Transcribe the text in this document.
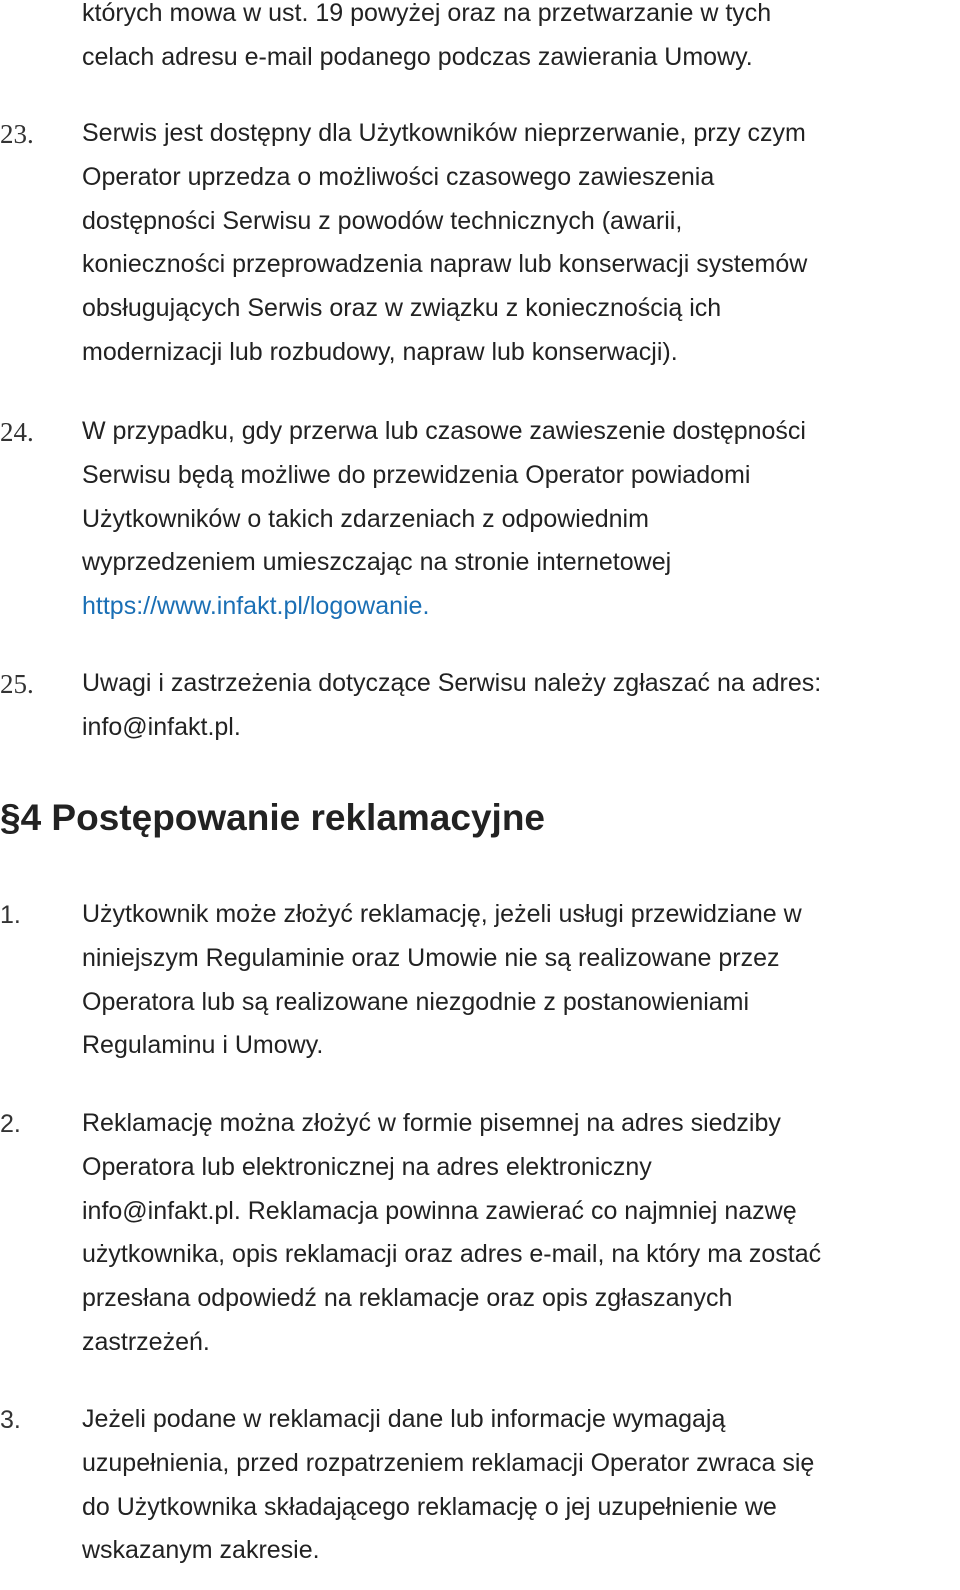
których mowa w ust. 19 powyżej oraz na przetwarzanie w tych
celach adresu e-mail podanego podczas zawierania Umowy.
23. Serwis jest dostępny dla Użytkowników nieprzerwanie, przy czym
Operator uprzedza o możliwości czasowego zawieszenia
dostępności Serwisu z powodów technicznych (awarii,
konieczności przeprowadzenia napraw lub konserwacji systemów
obsługujących Serwis oraz w związku z koniecznością ich
modernizacji lub rozbudowy, napraw lub konserwacji).
24. W przypadku, gdy przerwa lub czasowe zawieszenie dostępności
Serwisu będą możliwe do przewidzenia Operator powiadomi
Użytkowników o takich zdarzeniach z odpowiednim
wyprzedzeniem umieszczając na stronie internetowej
https://www.infakt.pl/logowanie.
25. Uwagi i zastrzeżenia dotyczące Serwisu należy zgłaszać na adres:
info@infakt.pl.
§4 Postępowanie reklamacyjne
1. Użytkownik może złożyć reklamację, jeżeli usługi przewidziane w
niniejszym Regulaminie oraz Umowie nie są realizowane przez
Operatora lub są realizowane niezgodnie z postanowieniami
Regulaminu i Umowy.
2. Reklamację można złożyć w formie pisemnej na adres siedziby
Operatora lub elektronicznej na adres elektroniczny
info@infakt.pl. Reklamacja powinna zawierać co najmniej nazwę
użytkownika, opis reklamacji oraz adres e-mail, na który ma zostać
przesłana odpowiedź na reklamacje oraz opis zgłaszanych
zastrzeżeń.
3. Jeżeli podane w reklamacji dane lub informacje wymagają
uzupełnienia, przed rozpatrzeniem reklamacji Operator zwraca się
do Użytkownika składającego reklamację o jej uzupełnienie we
wskazanym zakresie.
